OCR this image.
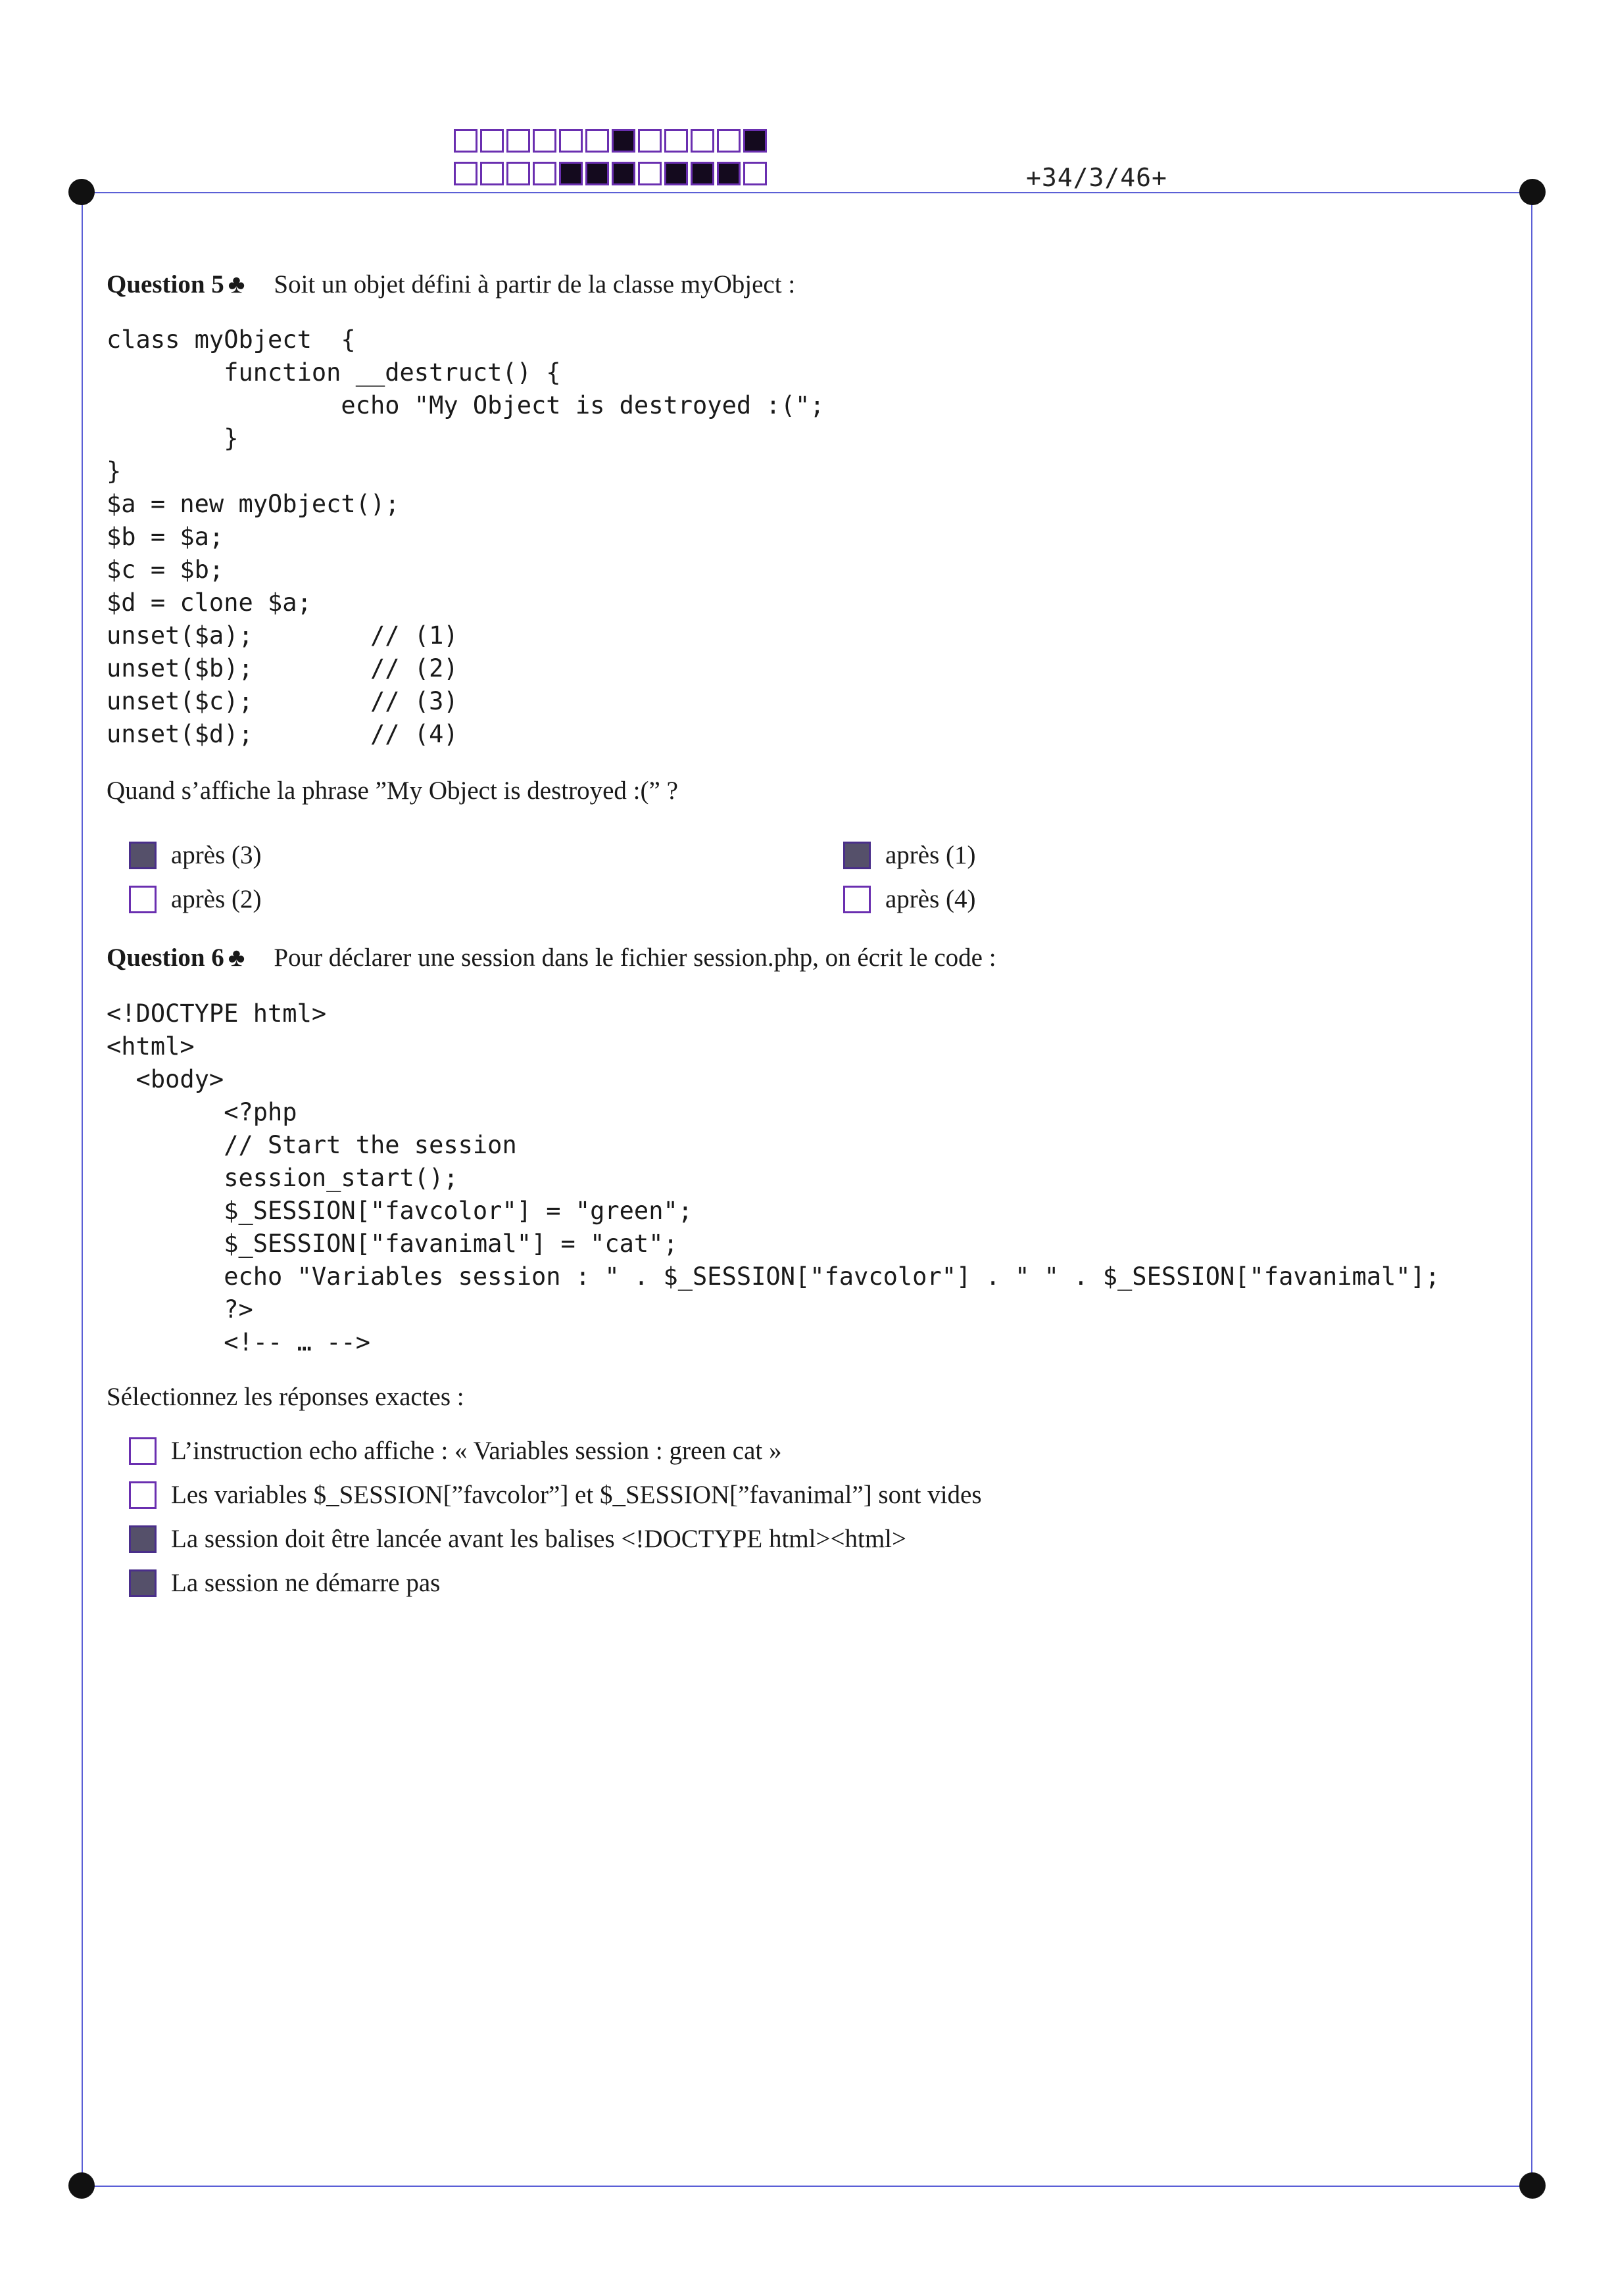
+34/3/46+
Question 5 ♣ Soit un objet défini à partir de la classe myObject :
class myObject  {
function __destruct() {
echo "My Object is destroyed :(";
}
}
$a = new myObject();
$b = $a;
$c = $b;
$d = clone $a;
unset($a);        // (1)
unset($b);        // (2)
unset($c);        // (3)
unset($d);        // (4)
Quand s’affiche la phrase ”My Object is destroyed :(” ?
après (3)	après (1)
après (2)	après (4)
Question 6 ♣ Pour déclarer une session dans le fichier session.php, on écrit le code :
<!DOCTYPE html>
<html>
<body>
<?php
// Start the session
session_start();
$_SESSION["favcolor"] = "green";
$_SESSION["favanimal"] = "cat";
echo "Variables session : " . $_SESSION["favcolor"] . " " . $_SESSION["favanimal"];
?>
<!-- … -->
Sélectionnez les réponses exactes :
L’instruction echo affiche : « Variables session : green cat »
Les variables $_SESSION[”favcolor”] et $_SESSION[”favanimal”] sont vides
La session doit être lancée avant les balises <!DOCTYPE html><html>
La session ne démarre pas
